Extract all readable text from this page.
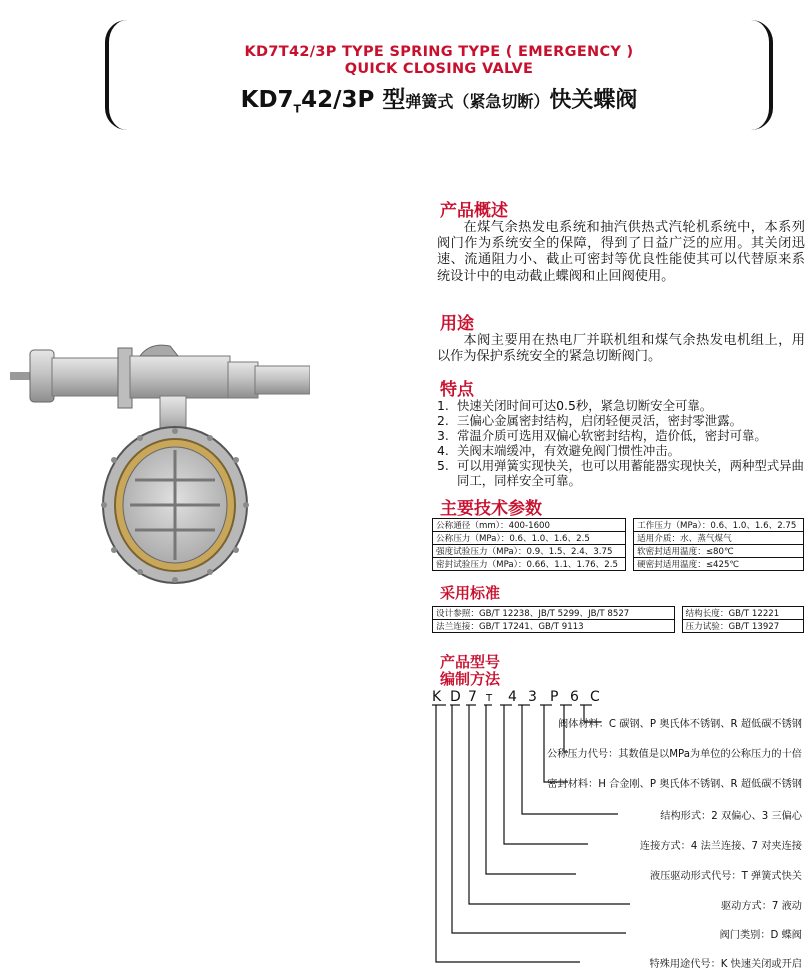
KD7T42/3P TYPE SPRING TYPE ( EMERGENCY )
QUICK CLOSING VALVE
$KD7_T42/3P$ 型弹簧式（紧急切断）快关蝶阀
产品概述

在煤气余热发电系统和抽汽供热式汽轮机系统中，本系列阀门作为系统安全的保障，得到了日益广泛的应用。其关闭迅速、流通阻力小、截止可密封等优良性能使其可以代替原来系统设计中的电动截止蝶阀和止回阀使用。

用途

本阀主要用在热电厂并联机组和煤气余热发电机组上，用以作为保护系统安全的紧急切断阀门。

特点
1. 快速关闭时间可达0.5秒，紧急切断安全可靠。
2. 三偏心金属密封结构，启闭轻便灵活，密封零泄露。
3. 常温介质可选用双偏心软密封结构，造价低，密封可靠。
4. 关阀末端缓冲，有效避免阀门惯性冲击。
5. 可以用弹簧实现快关，也可以用蓄能器实现快关，两种型式异曲同工，同样安全可靠。
主要技术参数
公称通径（mm）：400-1600		工作压力（MPa）：0.6、1.0、1.6、2.75
公称压力（MPa）：0.6、1.0、1.6、2.5		适用介质：水、蒸气煤气
强度试验压力（MPa）：0.9、1.5、2.4、3.75		软密封适用温度：≤80℃
密封试验压力（MPa）：0.66、1.1、1.76、2.5		硬密封适用温度：≤425℃
采用标准
设计参照：GB/T 12238、JB/T 5299、JB/T 8527		结构长度：GB/T 12221
法兰连接：GB/T 17241、GB/T 9113		压力试验：GB/T 13927
产品型号
编制方法
K D 7 T 4 3 P 6 C
阀体材料：C 碳钢、P 奥氏体不锈钢、R 超低碳不锈钢
公称压力代号：其数值是以MPa为单位的公称压力的十倍
密封材料：H 合金刚、P 奥氏体不锈钢、R 超低碳不锈钢
结构形式：2 双偏心、3 三偏心
连接方式：4 法兰连接、7 对夹连接
液压驱动形式代号：T 弹簧式快关
驱动方式：7 液动
阀门类别：D 蝶阀
特殊用途代号：K 快速关闭或开启
